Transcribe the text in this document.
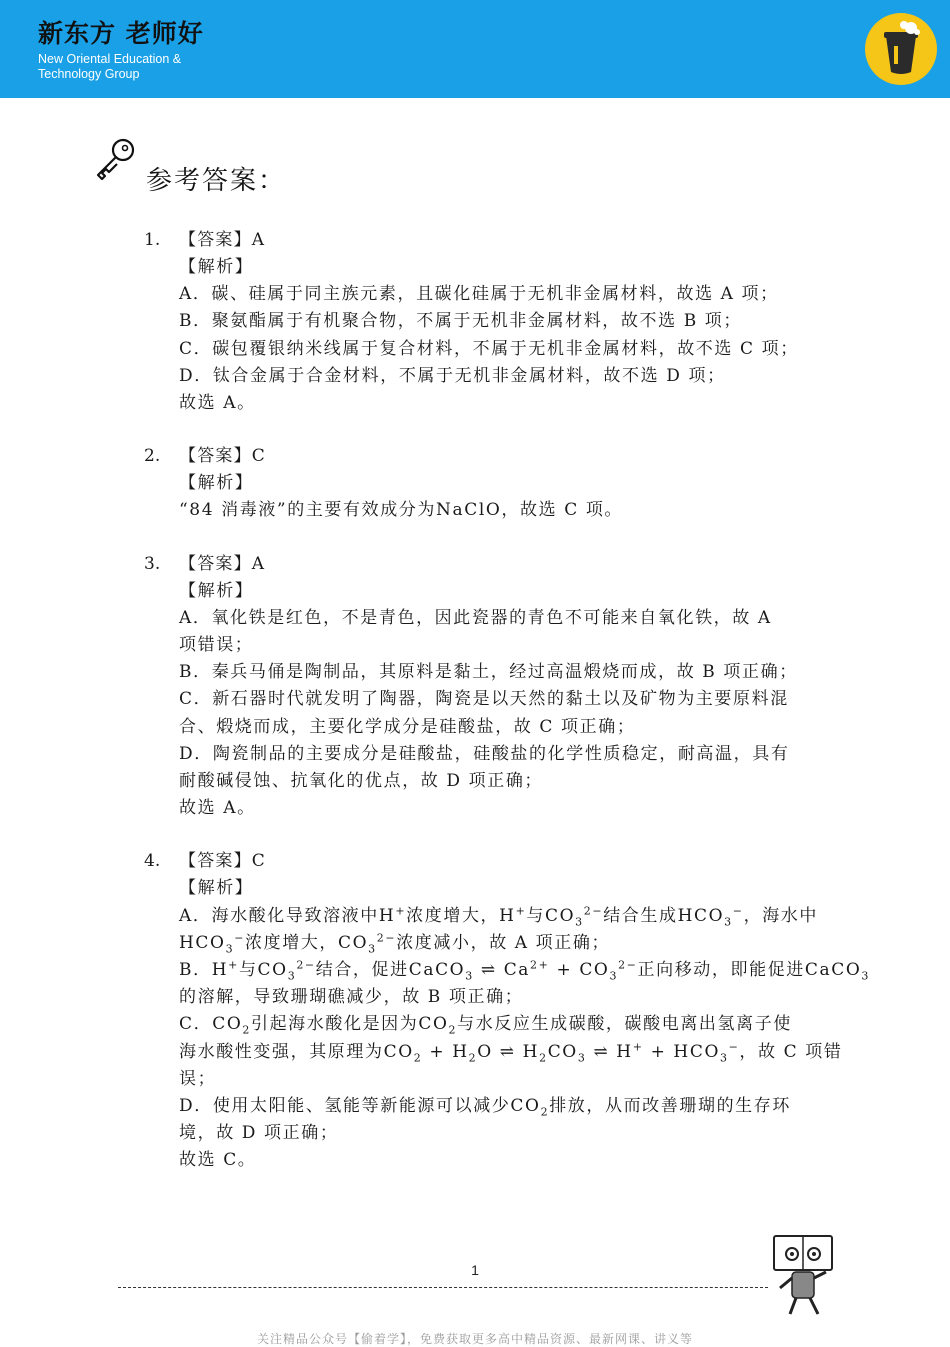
新东方 老师好
New Oriental Education &
Technology Group
参考答案：
1. 【答案】A
【解析】
A．碳、硅属于同主族元素，且碳化硅属于无机非金属材料，故选 A 项；
B．聚氨酯属于有机聚合物，不属于无机非金属材料，故不选 B 项；
C．碳包覆银纳米线属于复合材料，不属于无机非金属材料，故不选 C 项；
D．钛合金属于合金材料，不属于无机非金属材料，故不选 D 项；
故选 A。
2. 【答案】C
【解析】
“84 消毒液”的主要有效成分为NaClO，故选 C 项。
3. 【答案】A
【解析】
A．氧化铁是红色，不是青色，因此瓷器的青色不可能来自氧化铁，故 A
项错误；
B．秦兵马俑是陶制品，其原料是黏土，经过高温煅烧而成，故 B 项正确；
C．新石器时代就发明了陶器，陶瓷是以天然的黏土以及矿物为主要原料混
合、煅烧而成，主要化学成分是硅酸盐，故 C 项正确；
D．陶瓷制品的主要成分是硅酸盐，硅酸盐的化学性质稳定，耐高温，具有
耐酸碱侵蚀、抗氧化的优点，故 D 项正确；
故选 A。
4. 【答案】C
【解析】
A．海水酸化导致溶液中H+浓度增大，H+与$CO_3^{2-}$结合生成$HCO_3^-$，海水中
$HCO_3^-$浓度增大，$CO_3^{2-}$浓度减小，故 A 项正确；
B．H+与$CO_3^{2-}$结合，促进CaCO$_3$ ⇌ $Ca^{2+} + CO_3^{2-}$正向移动，即能促进CaCO$_3$
的溶解，导致珊瑚礁减少，故 B 项正确；
C．$CO_2$引起海水酸化是因为$CO_2$与水反应生成碳酸，碳酸电离出氢离子使
海水酸性变强，其原理为$CO_2 + H_2O$ ⇌ $H_2CO_3$ ⇌ $H^+ + HCO_3^-$，故 C 项错
误；
D．使用太阳能、氢能等新能源可以减少$CO_2$排放，从而改善珊瑚的生存环
境，故 D 项正确；
故选 C。
1
关注精品公众号【偷着学】，免费获取更多高中精品资源、最新网课、讲义等
